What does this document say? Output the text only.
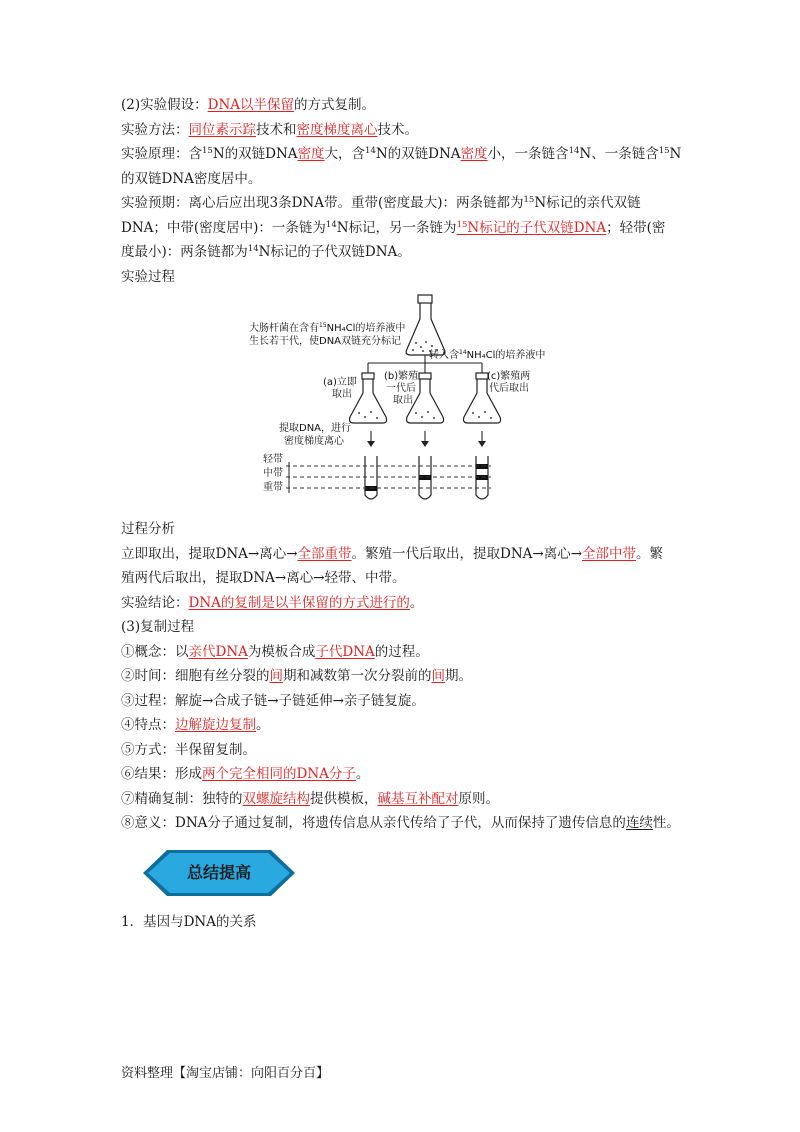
(2)实验假设：DNA以半保留的方式复制。
实验方法：同位素示踪技术和密度梯度离心技术。
实验原理：含$^{15}$N的双链DNA密度大，含$^{14}$N的双链DNA密度小，一条链含$^{14}$N、一条链含$^{15}$N
的双链DNA密度居中。
实验预期：离心后应出现3条DNA带。重带(密度最大)：两条链都为$^{15}$N标记的亲代双链
DNA；中带(密度居中)：一条链为$^{14}$N标记，另一条链为$^{15}$N标记的子代双链DNA；轻带(密
度最小)：两条链都为$^{14}$N标记的子代双链DNA。
实验过程
大肠杆菌在含有$^{15}$NH₄Cl的培养液中
生长若干代，使DNA双链充分标记
转入含$^{14}$NH₄Cl的培养液中
(a)立即
取出
(b)繁殖
一代后
取出
(c)繁殖两
代后取出
提取DNA，进行
密度梯度离心
轻带
中带
重带
过程分析
立即取出，提取DNA→离心→全部重带。繁殖一代后取出，提取DNA→离心→全部中带。繁
殖两代后取出，提取DNA→离心→轻带、中带。
实验结论：DNA的复制是以半保留的方式进行的。
(3)复制过程
①概念：以亲代DNA为模板合成子代DNA的过程。
②时间：细胞有丝分裂的间期和减数第一次分裂前的间期。
③过程：解旋→合成子链→子链延伸→亲子链复旋。
④特点：边解旋边复制。
⑤方式：半保留复制。
⑥结果：形成两个完全相同的DNA分子。
⑦精确复制：独特的双螺旋结构提供模板，碱基互补配对原则。
⑧意义：DNA分子通过复制，将遗传信息从亲代传给了子代，从而保持了遗传信息的连续性。
总结提高
1．基因与DNA的关系
资料整理【淘宝店铺：向阳百分百】
